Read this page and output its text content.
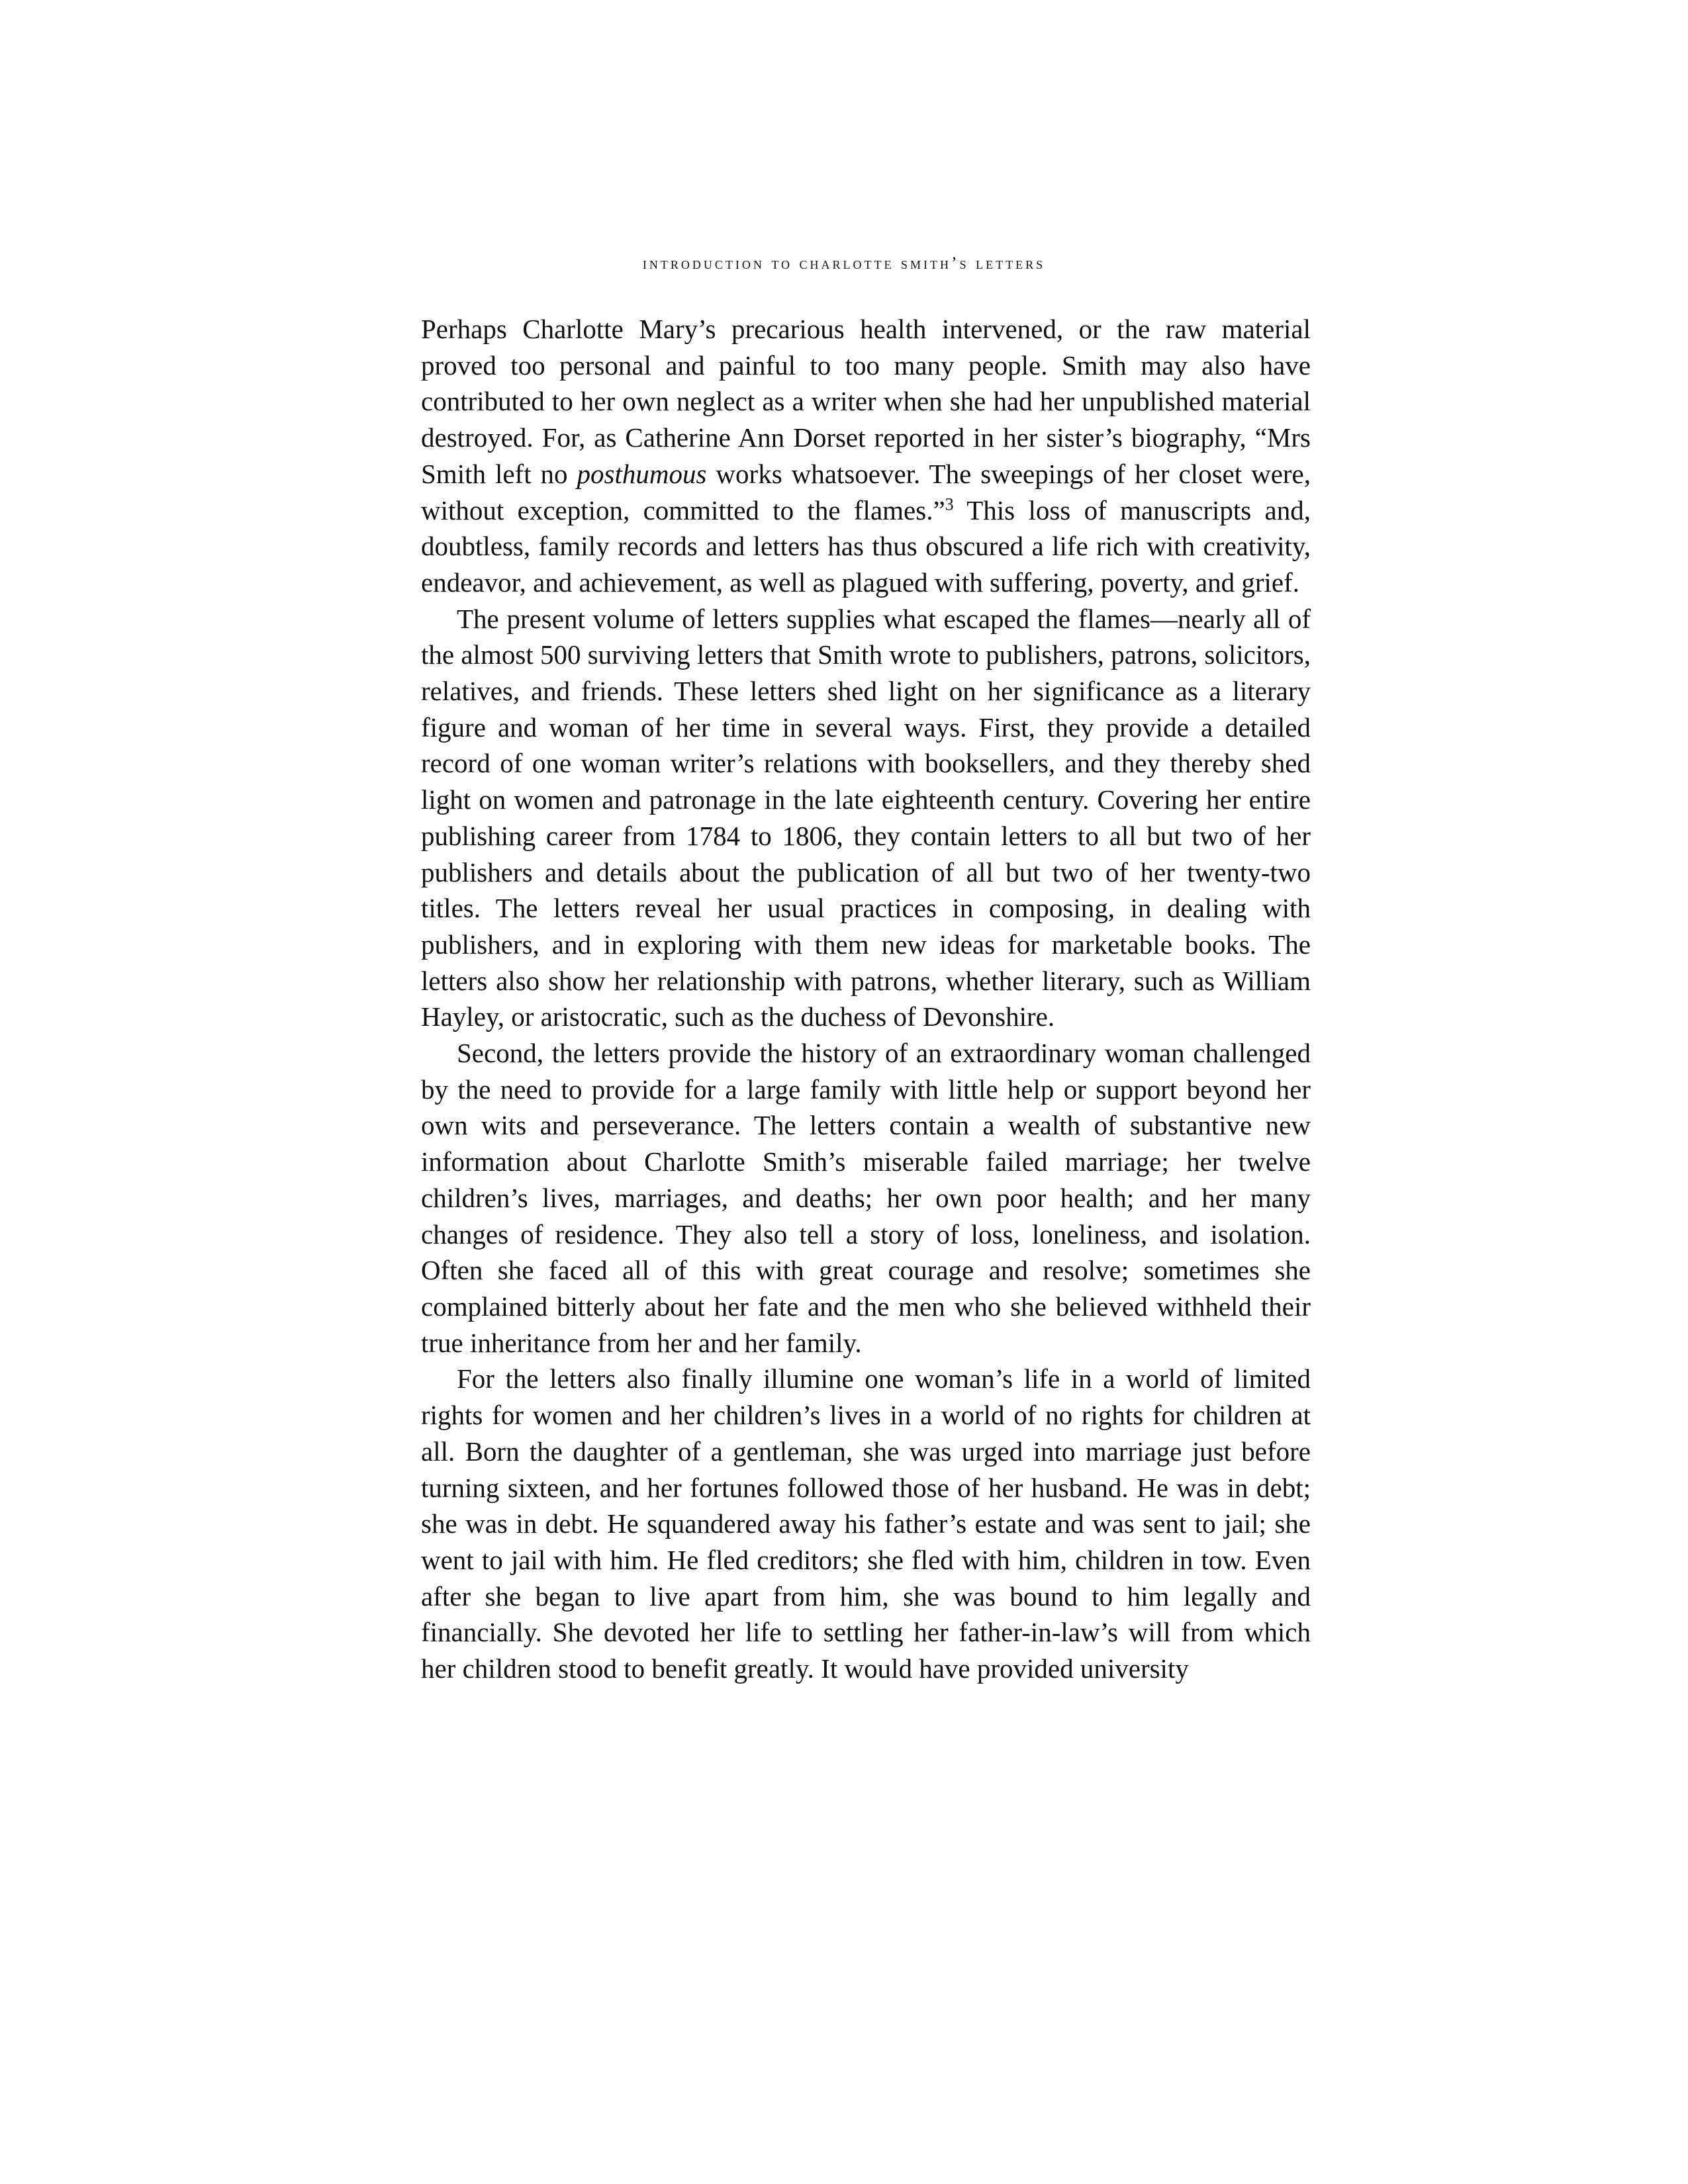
introduction to charlotte smith’s letters

Perhaps Charlotte Mary’s precarious health intervened, or the raw material proved too personal and painful to too many people. Smith may also have contributed to her own neglect as a writer when she had her unpublished material destroyed. For, as Catherine Ann Dorset reported in her sister’s biography, “Mrs Smith left no posthumous works whatsoever. The sweepings of her closet were, without exception, committed to the flames.”$^3$ This loss of manuscripts and, doubtless, family records and letters has thus obscured a life rich with creativity, endeavor, and achievement, as well as plagued with suffering, poverty, and grief.

The present volume of letters supplies what escaped the flames—nearly all of the almost 500 surviving letters that Smith wrote to publishers, patrons, solicitors, relatives, and friends. These letters shed light on her significance as a literary figure and woman of her time in several ways. First, they provide a detailed record of one woman writer’s relations with booksellers, and they thereby shed light on women and patronage in the late eighteenth century. Covering her entire publishing career from 1784 to 1806, they contain letters to all but two of her publishers and details about the publication of all but two of her twenty-two titles. The letters reveal her usual practices in composing, in dealing with publishers, and in exploring with them new ideas for marketable books. The letters also show her relationship with patrons, whether literary, such as William Hayley, or aristocratic, such as the duchess of Devonshire.

Second, the letters provide the history of an extraordinary woman challenged by the need to provide for a large family with little help or support beyond her own wits and perseverance. The letters contain a wealth of substantive new information about Charlotte Smith’s miserable failed marriage; her twelve children’s lives, marriages, and deaths; her own poor health; and her many changes of residence. They also tell a story of loss, loneliness, and isolation. Often she faced all of this with great courage and resolve; sometimes she complained bitterly about her fate and the men who she believed withheld their true inheritance from her and her family.

For the letters also finally illumine one woman’s life in a world of limited rights for women and her children’s lives in a world of no rights for children at all. Born the daughter of a gentleman, she was urged into marriage just before turning sixteen, and her fortunes followed those of her husband. He was in debt; she was in debt. He squandered away his father’s estate and was sent to jail; she went to jail with him. He fled creditors; she fled with him, children in tow. Even after she began to live apart from him, she was bound to him legally and financially. She devoted her life to settling her father-in-law’s will from which her children stood to benefit greatly. It would have provided university
